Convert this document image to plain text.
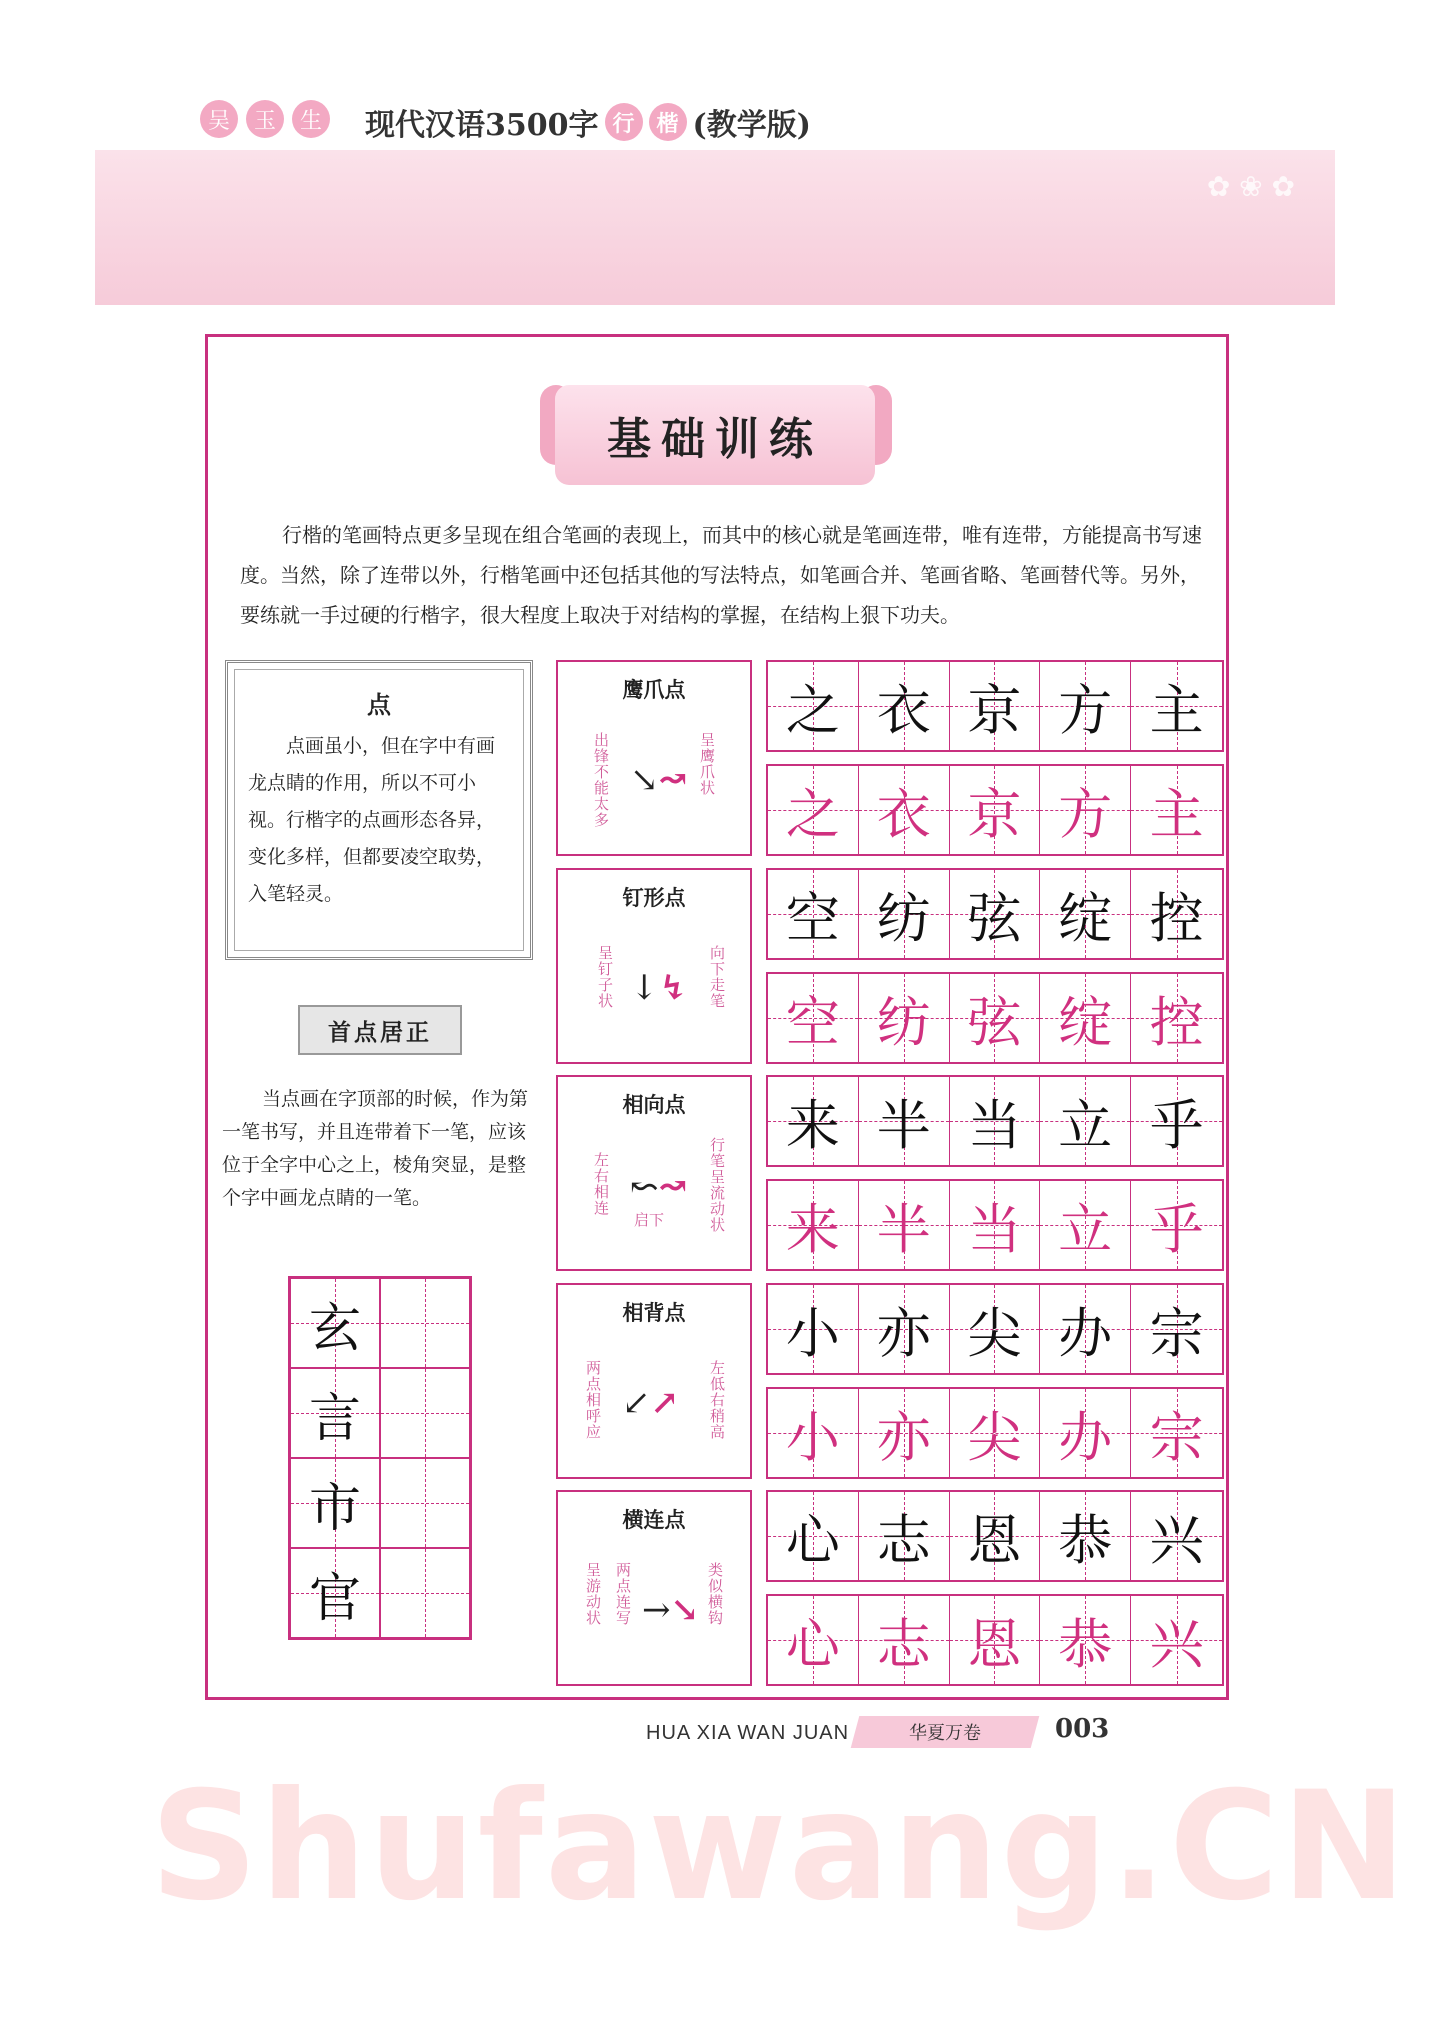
✿ ❀ ✿
吴	玉	生 现代汉语3500字 行 楷 (教学版)
基础训练
行楷的笔画特点更多呈现在组合笔画的表现上，而其中的核心就是笔画连带，唯有连带，方能提高书写速度。当然，除了连带以外，行楷笔画中还包括其他的写法特点，如笔画合并、笔画省略、笔画替代等。另外，要练就一手过硬的行楷字，很大程度上取决于对结构的掌握，在结构上狠下功夫。
点
点画虽小，但在字中有画龙点睛的作用，所以不可小视。行楷字的点画形态各异，变化多样，但都要凌空取势，入笔轻灵。
首点居正
当点画在字顶部的时候，作为第一笔书写，并且连带着下一笔，应该位于全字中心之上，棱角突显，是整个字中画龙点睛的一笔。
玄
言
市
官
鹰爪点
出锋不能太多	呈鹰爪状
↘↝
钉形点
呈钉子状	向下走笔
↓↯
相向点
左右相连	行笔呈流动状
↜↝
启下
相背点
两点相呼应	左低右稍高
↙↗
横连点
呈游动状	类似横钩
两点连写 →↘
之 衣 京 方 主
之 衣 京 方 主
空 纺 弦 绽 控
空 纺 弦 绽 控
来 半 当 立 乎
来 半 当 立 乎
小 亦 尖 办 宗
小 亦 尖 办 宗
心 志 恩 恭 兴
心 志 恩 恭 兴
HUA XIA WAN JUAN	华夏万卷	003
Shufawang.CN
